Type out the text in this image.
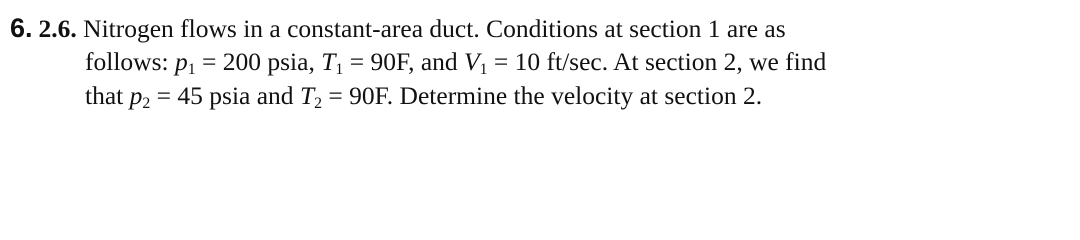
6. 2.6. Nitrogen flows in a constant-area duct. Conditions at section 1 are as
follows: $p_1 = 200$ psia, $T_1 = 90F$, and $V_1 = 10$ ft/sec. At section 2, we find
that $p_2 = 45$ psia and $T_2 = 90F$. Determine the velocity at section 2.
